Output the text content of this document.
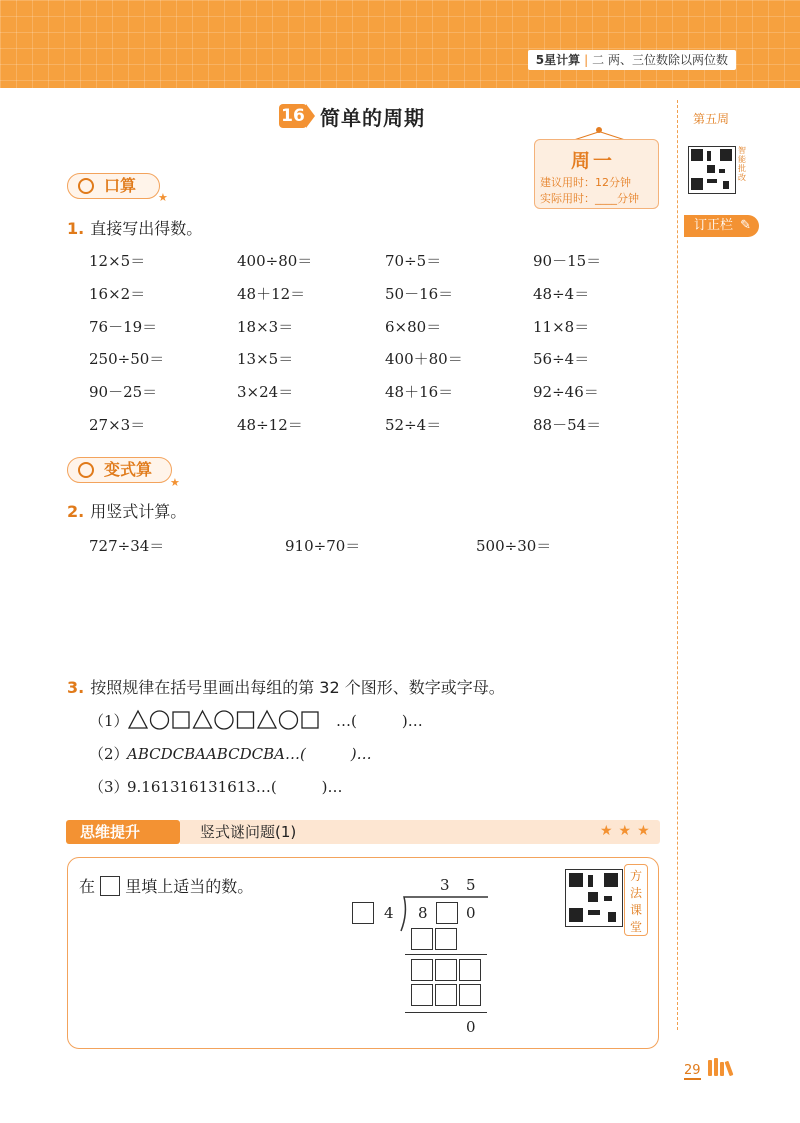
5星计算 | 二 两、三位数除以两位数
第五周
智能批改
订正栏 ✎
16 简单的周期
周一
建议用时：12分钟
实际用时：____分钟
口算
★
1. 直接写出得数。
12×5＝	400÷80＝	70÷5＝	90－15＝
16×2＝	48＋12＝	50－16＝	48÷4＝
76－19＝	18×3＝	6×80＝	11×8＝
250÷50＝	13×5＝	400＋80＝	56÷4＝
90－25＝	3×24＝	48＋16＝	92÷46＝
27×3＝	48÷12＝	52÷4＝	88－54＝
变式算
★
2. 用竖式计算。
727÷34＝	910÷70＝	500÷30＝
3. 按照规律在括号里画出每组的第 32 个图形、数字或字母。
（1）	…(　　　)…
（2）
ABCDCBAABCDCBA…(　　　)…
（3）
9.161316131613…(　　　)…
思维提升	竖式谜问题(1)	★★★
在 里填上适当的数。	3 5
4 8	0
0
方法课堂
29
